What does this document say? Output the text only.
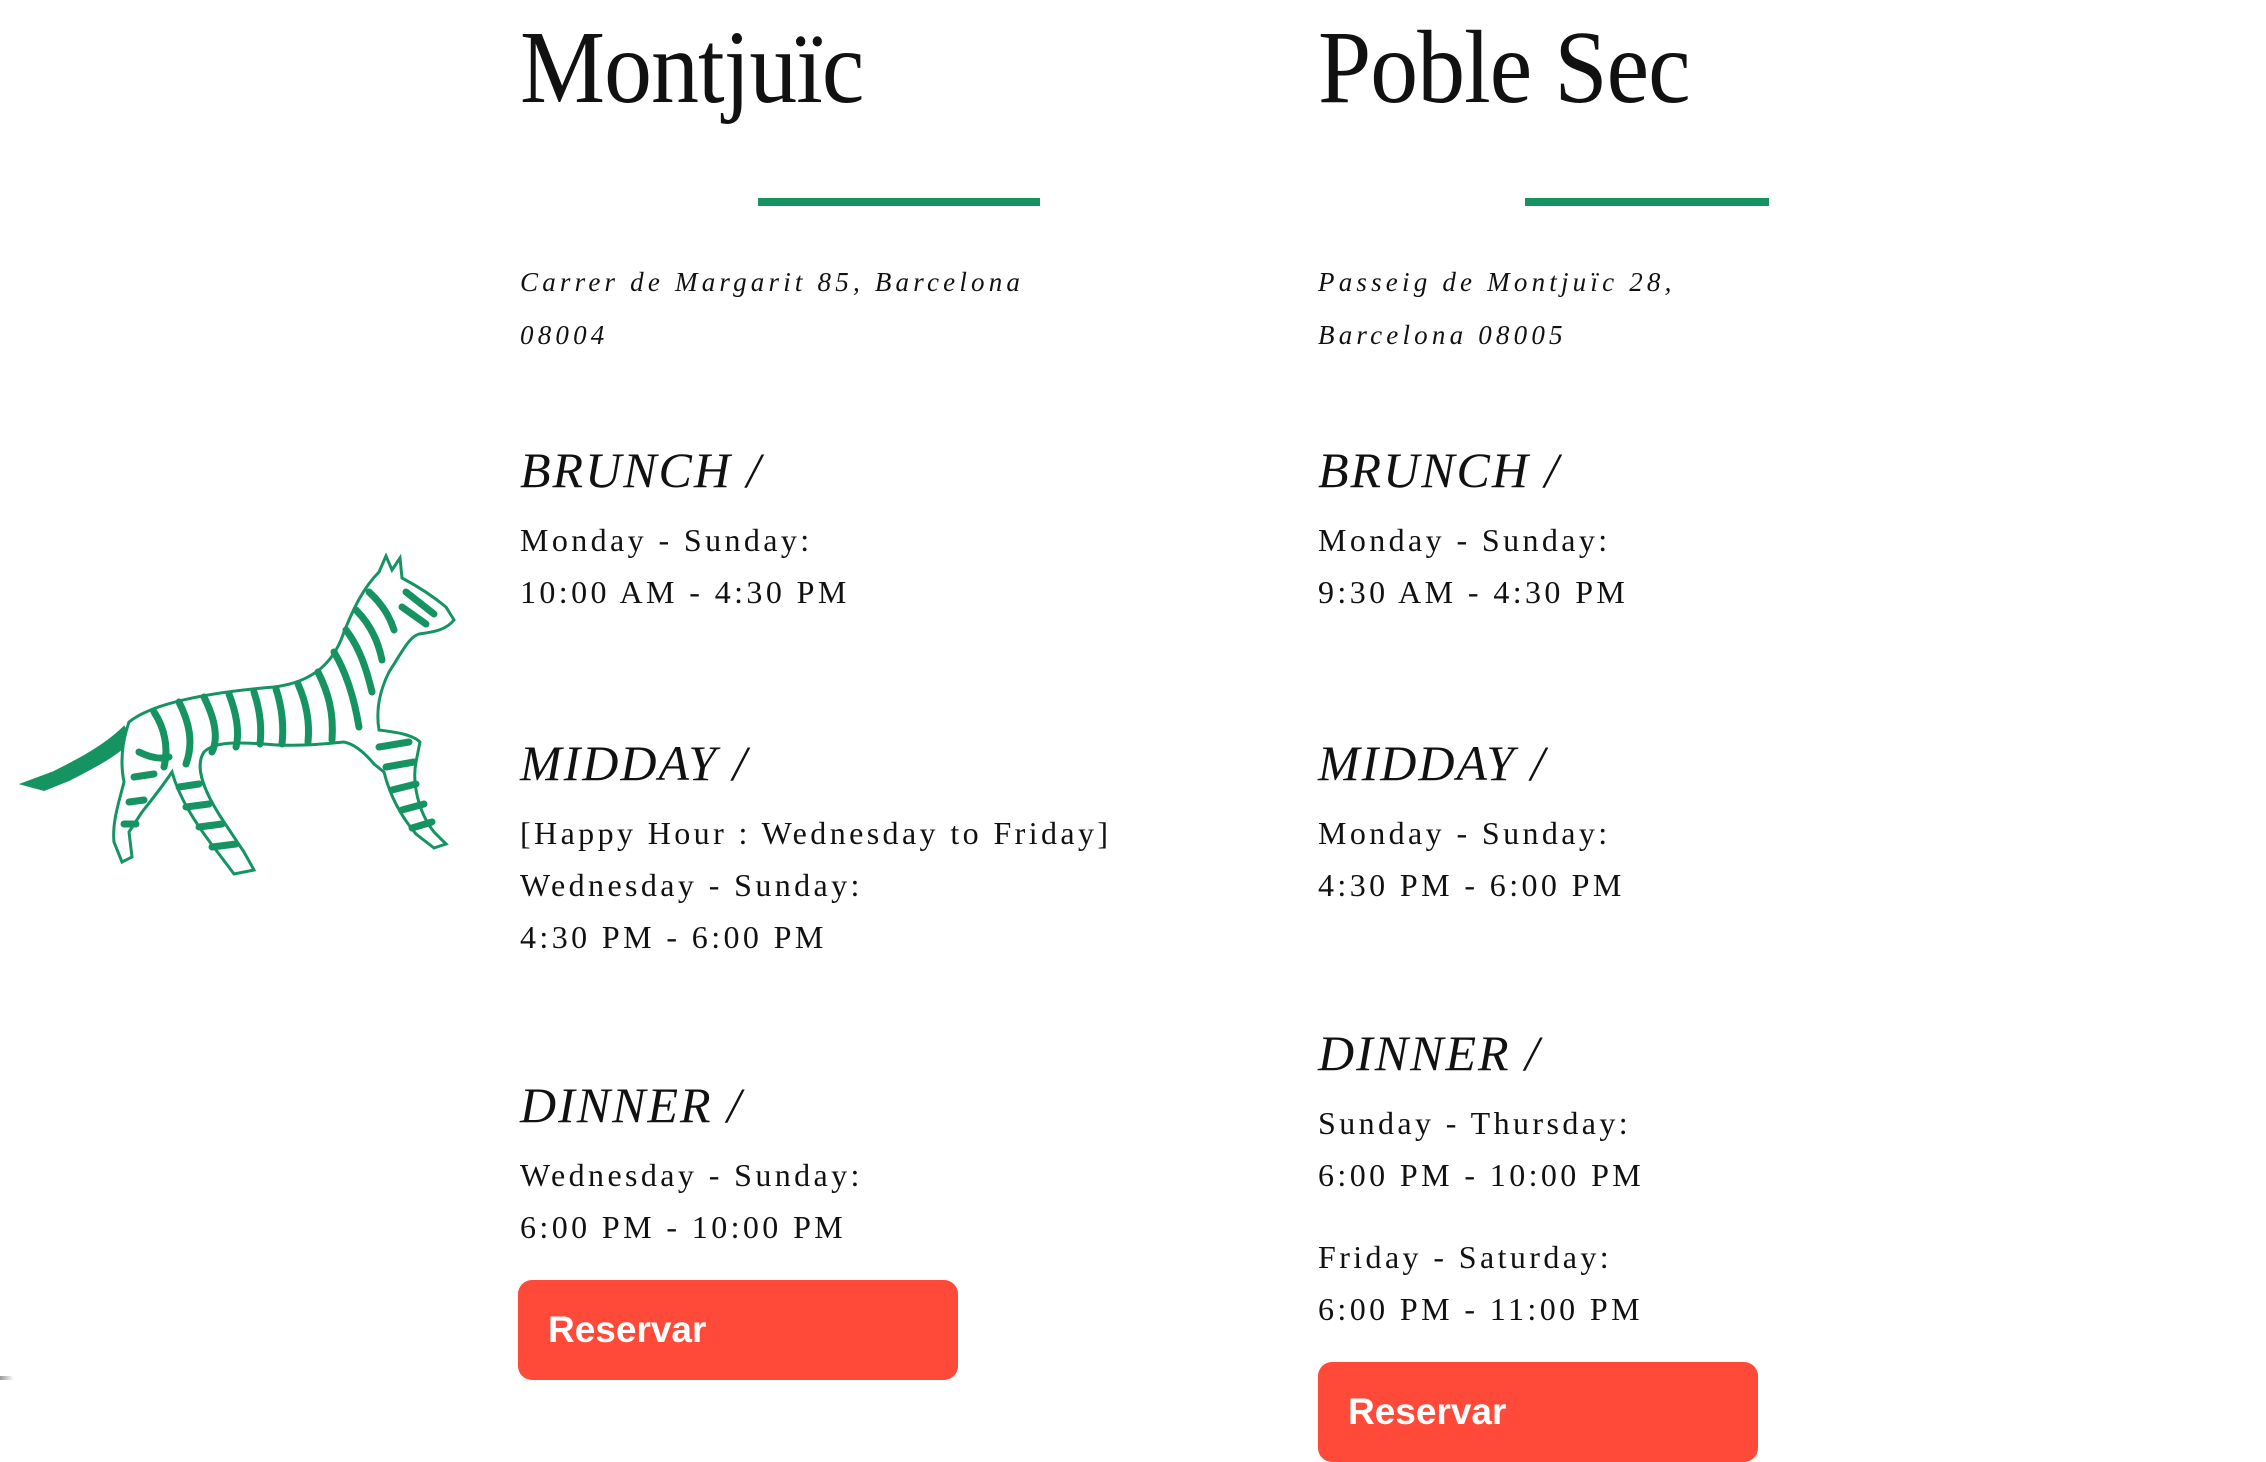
Montjuïc

Carrer de Margarit 85, Barcelona
08004

BRUNCH /
Monday - Sunday:
10:00 AM - 4:30 PM
MIDDAY /
[Happy Hour : Wednesday to Friday]
Wednesday - Sunday:
4:30 PM - 6:00 PM
DINNER /
Wednesday - Sunday:
6:00 PM - 10:00 PM
Reservar
Poble Sec

Passeig de Montjuïc 28,
Barcelona 08005

BRUNCH /
Monday - Sunday:
9:30 AM - 4:30 PM
MIDDAY /
Monday - Sunday:
4:30 PM - 6:00 PM
DINNER /
Sunday - Thursday:
6:00 PM - 10:00 PM
Friday - Saturday:
6:00 PM - 11:00 PM
Reservar
